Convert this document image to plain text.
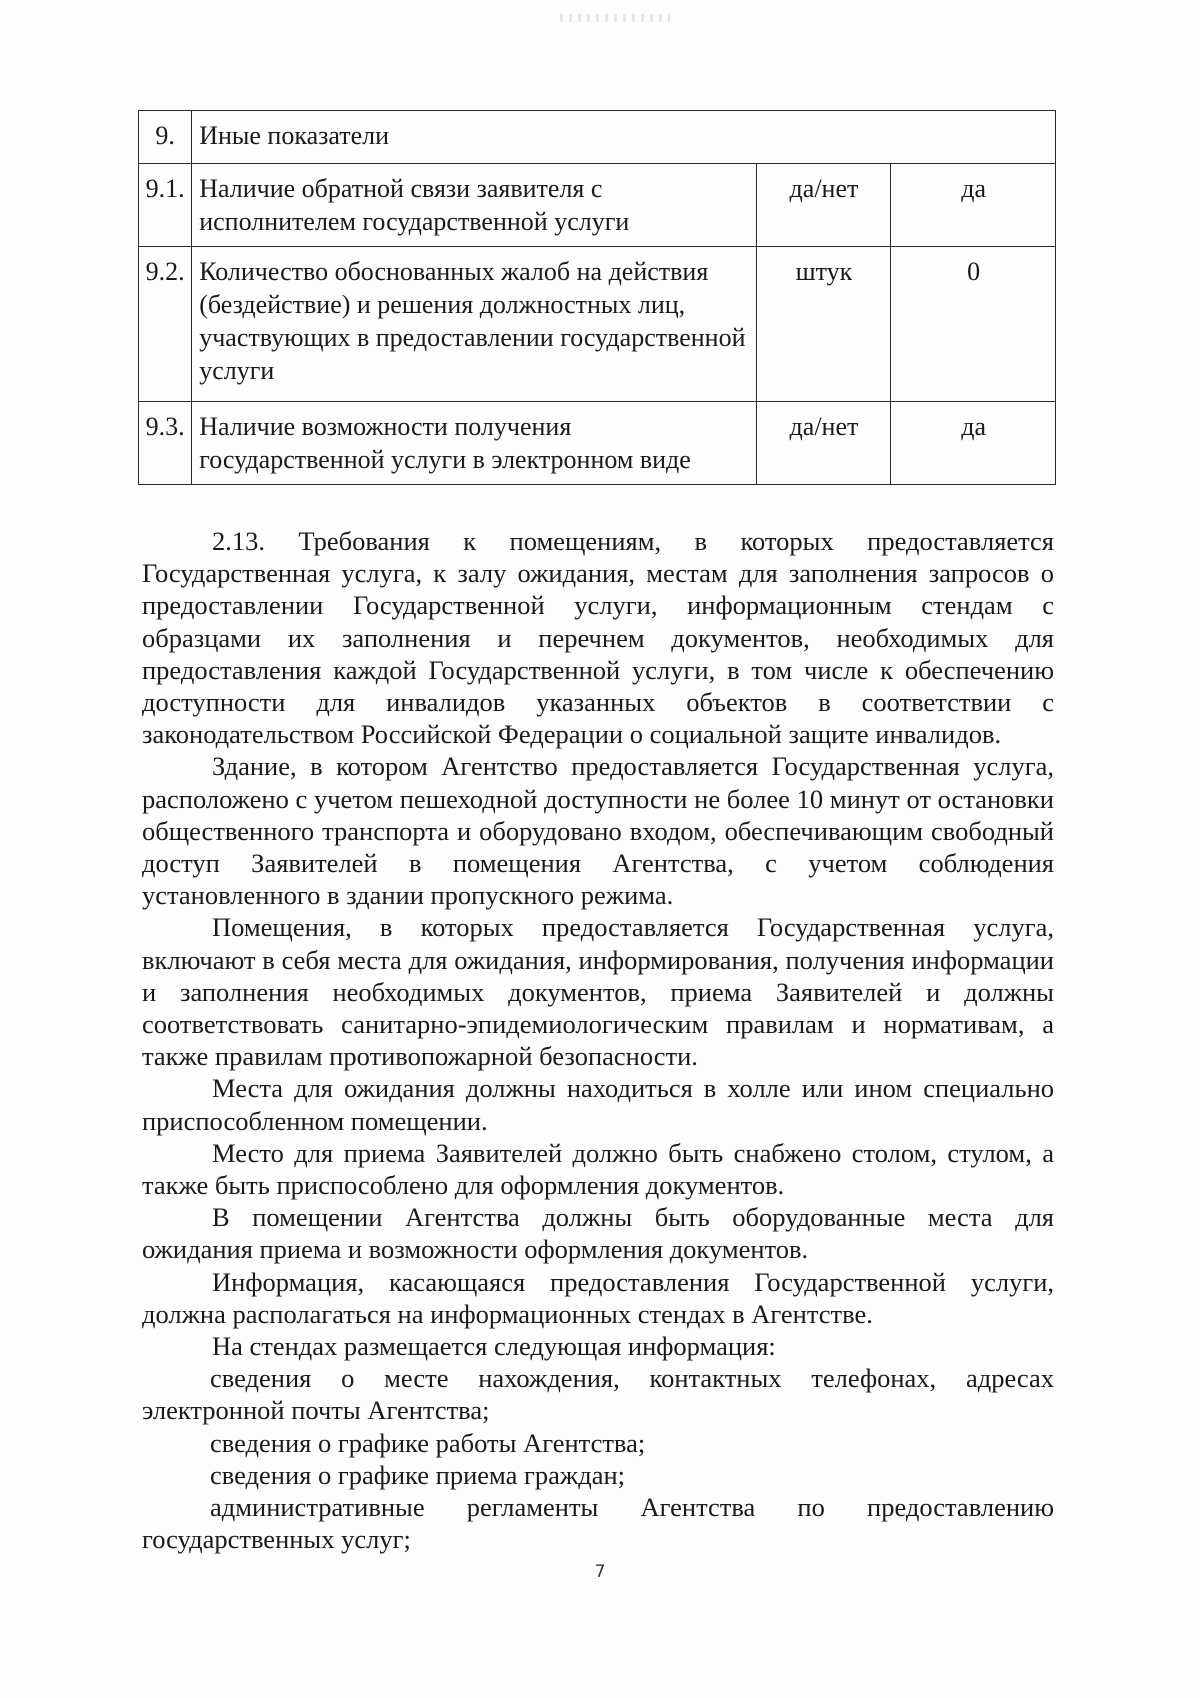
9.	Иные показатели		
9.1.	Наличие обратной связи заявителя с исполнителем государственной услуги	да/нет	да
9.2.	Количество обоснованных жалоб на действия (бездействие) и решения должностных лиц, участвующих в предоставлении государственной услуги	штук	0
9.3.	Наличие возможности получения государственной услуги в электронном виде	да/нет	да

2.13. Требования к помещениям, в которых предоставляется Государственная услуга, к залу ожидания, местам для заполнения запросов о предоставлении Государственной услуги, информационным стендам с образцами их заполнения и перечнем документов, необходимых для предоставления каждой Государственной услуги, в том числе к обеспечению доступности для инвалидов указанных объектов в соответствии с законодательством Российской Федерации о социальной защите инвалидов.

Здание, в котором Агентство предоставляется Государственная услуга, расположено с учетом пешеходной доступности не более 10 минут от остановки общественного транспорта и оборудовано входом, обеспечивающим свободный доступ Заявителей в помещения Агентства, с учетом соблюдения установленного в здании пропускного режима.

Помещения, в которых предоставляется Государственная услуга, включают в себя места для ожидания, информирования, получения информации и заполнения необходимых документов, приема Заявителей и должны соответствовать санитарно-эпидемиологическим правилам и нормативам, а также правилам противопожарной безопасности.

Места для ожидания должны находиться в холле или ином специально приспособленном помещении.

Место для приема Заявителей должно быть снабжено столом, стулом, а также быть приспособлено для оформления документов.

В помещении Агентства должны быть оборудованные места для ожидания приема и возможности оформления документов.

Информация, касающаяся предоставления Государственной услуги, должна располагаться на информационных стендах в Агентстве.

На стендах размещается следующая информация:

сведения о месте нахождения, контактных телефонах, адресах электронной почты Агентства;

сведения о графике работы Агентства;

сведения о графике приема граждан;

административные регламенты Агентства по предоставлению государственных услуг;

7
